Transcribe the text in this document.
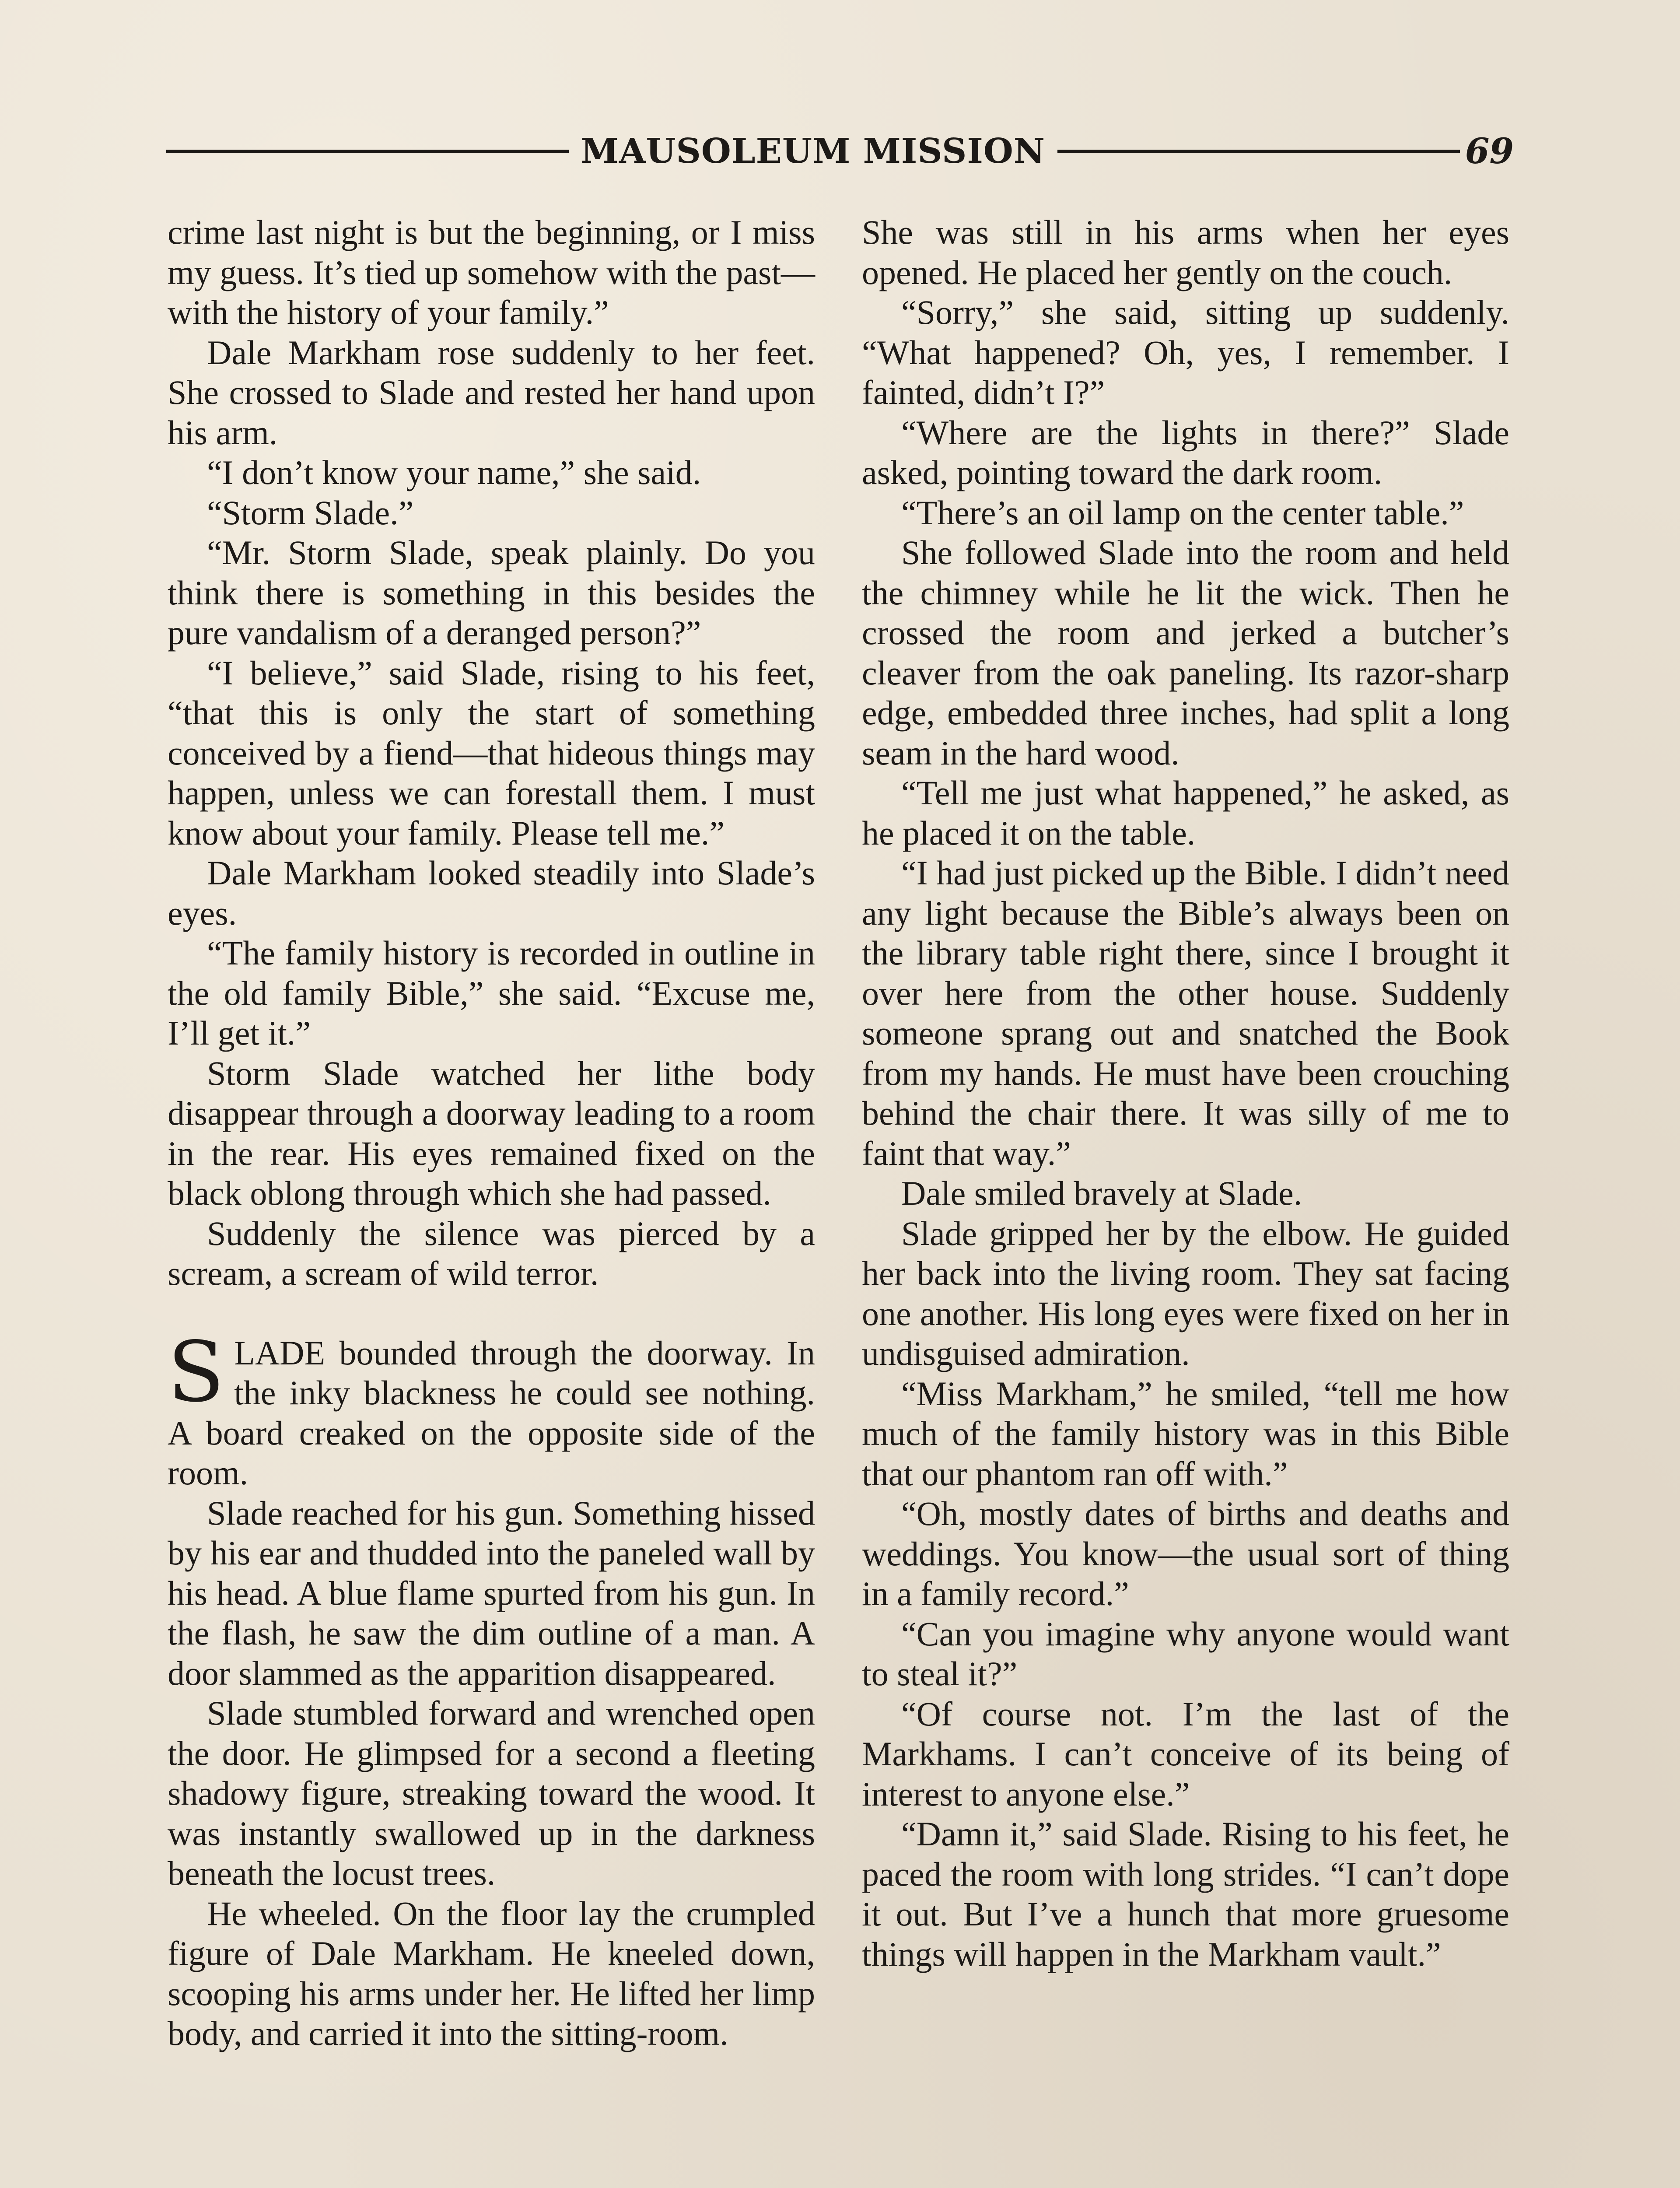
MAUSOLEUM MISSION	69

crime last night is but the beginning, or I miss my guess. It’s tied up somehow with the past—with the history of your family.”

Dale Markham rose suddenly to her feet. She crossed to Slade and rested her hand upon his arm.

“I don’t know your name,” she said.

“Storm Slade.”

“Mr. Storm Slade, speak plainly. Do you think there is something in this besides the pure vandalism of a deranged person?”

“I believe,” said Slade, rising to his feet, “that this is only the start of something conceived by a fiend—that hideous things may happen, unless we can forestall them. I must know about your family. Please tell me.”

Dale Markham looked steadily into Slade’s eyes.

“The family history is recorded in outline in the old family Bible,” she said. “Excuse me, I’ll get it.”

Storm Slade watched her lithe body disappear through a doorway leading to a room in the rear. His eyes remained fixed on the black oblong through which she had passed.

Suddenly the silence was pierced by a scream, a scream of wild terror.

SLADE bounded through the doorway. In the inky blackness he could see nothing. A board creaked on the opposite side of the room.

Slade reached for his gun. Something hissed by his ear and thudded into the paneled wall by his head. A blue flame spurted from his gun. In the flash, he saw the dim outline of a man. A door slammed as the apparition disappeared.

Slade stumbled forward and wrenched open the door. He glimpsed for a second a fleeting shadowy figure, streaking toward the wood. It was instantly swallowed up in the darkness beneath the locust trees.

He wheeled. On the floor lay the crumpled figure of Dale Markham. He kneeled down, scooping his arms under her. He lifted her limp body, and carried it into the sitting-room.

She was still in his arms when her eyes opened. He placed her gently on the couch.

“Sorry,” she said, sitting up suddenly. “What happened? Oh, yes, I remember. I fainted, didn’t I?”

“Where are the lights in there?” Slade asked, pointing toward the dark room.

“There’s an oil lamp on the center table.”

She followed Slade into the room and held the chimney while he lit the wick. Then he crossed the room and jerked a butcher’s cleaver from the oak paneling. Its razor-sharp edge, embedded three inches, had split a long seam in the hard wood.

“Tell me just what happened,” he asked, as he placed it on the table.

“I had just picked up the Bible. I didn’t need any light because the Bible’s always been on the library table right there, since I brought it over here from the other house. Suddenly someone sprang out and snatched the Book from my hands. He must have been crouching behind the chair there. It was silly of me to faint that way.”

Dale smiled bravely at Slade.

Slade gripped her by the elbow. He guided her back into the living room. They sat facing one another. His long eyes were fixed on her in undisguised admiration.

“Miss Markham,” he smiled, “tell me how much of the family history was in this Bible that our phantom ran off with.”

“Oh, mostly dates of births and deaths and weddings. You know—the usual sort of thing in a family record.”

“Can you imagine why anyone would want to steal it?”

“Of course not. I’m the last of the Markhams. I can’t conceive of its being of interest to anyone else.”

“Damn it,” said Slade. Rising to his feet, he paced the room with long strides. “I can’t dope it out. But I’ve a hunch that more gruesome things will happen in the Markham vault.”
